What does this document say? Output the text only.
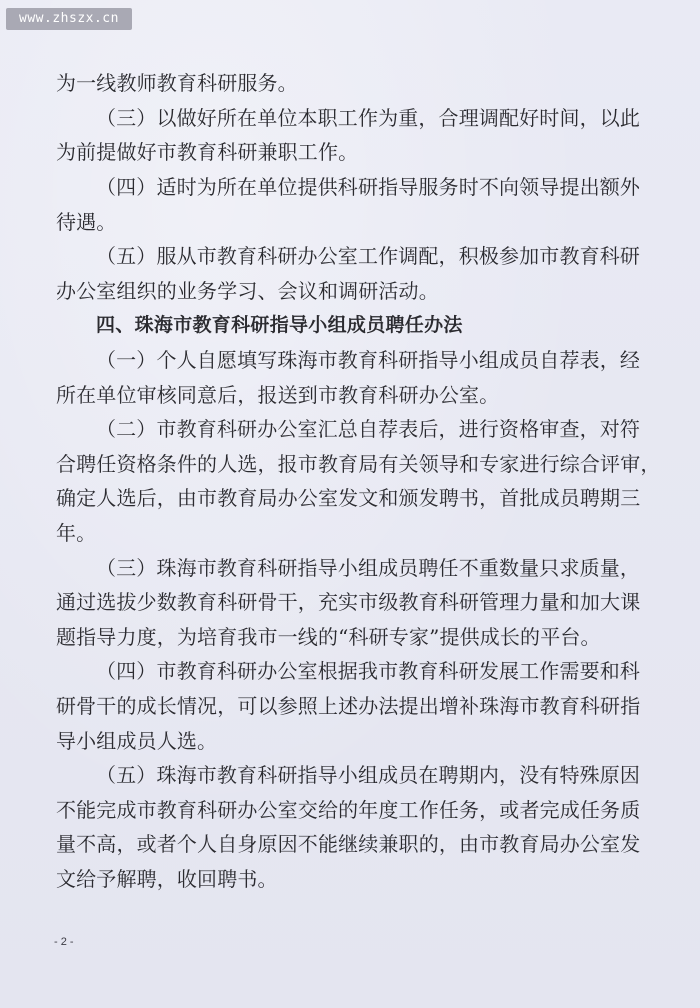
www.zhszx.cn
为一线教师教育科研服务。
（三）以做好所在单位本职工作为重，合理调配好时间，以此
为前提做好市教育科研兼职工作。
（四）适时为所在单位提供科研指导服务时不向领导提出额外
待遇。
（五）服从市教育科研办公室工作调配，积极参加市教育科研
办公室组织的业务学习、会议和调研活动。
四、珠海市教育科研指导小组成员聘任办法
（一）个人自愿填写珠海市教育科研指导小组成员自荐表，经
所在单位审核同意后，报送到市教育科研办公室。
（二）市教育科研办公室汇总自荐表后，进行资格审查，对符
合聘任资格条件的人选，报市教育局有关领导和专家进行综合评审，
确定人选后，由市教育局办公室发文和颁发聘书，首批成员聘期三
年。
（三）珠海市教育科研指导小组成员聘任不重数量只求质量，
通过选拔少数教育科研骨干，充实市级教育科研管理力量和加大课
题指导力度，为培育我市一线的“科研专家”提供成长的平台。
（四）市教育科研办公室根据我市教育科研发展工作需要和科
研骨干的成长情况，可以参照上述办法提出增补珠海市教育科研指
导小组成员人选。
（五）珠海市教育科研指导小组成员在聘期内，没有特殊原因
不能完成市教育科研办公室交给的年度工作任务，或者完成任务质
量不高，或者个人自身原因不能继续兼职的，由市教育局办公室发
文给予解聘，收回聘书。
- 2 -
